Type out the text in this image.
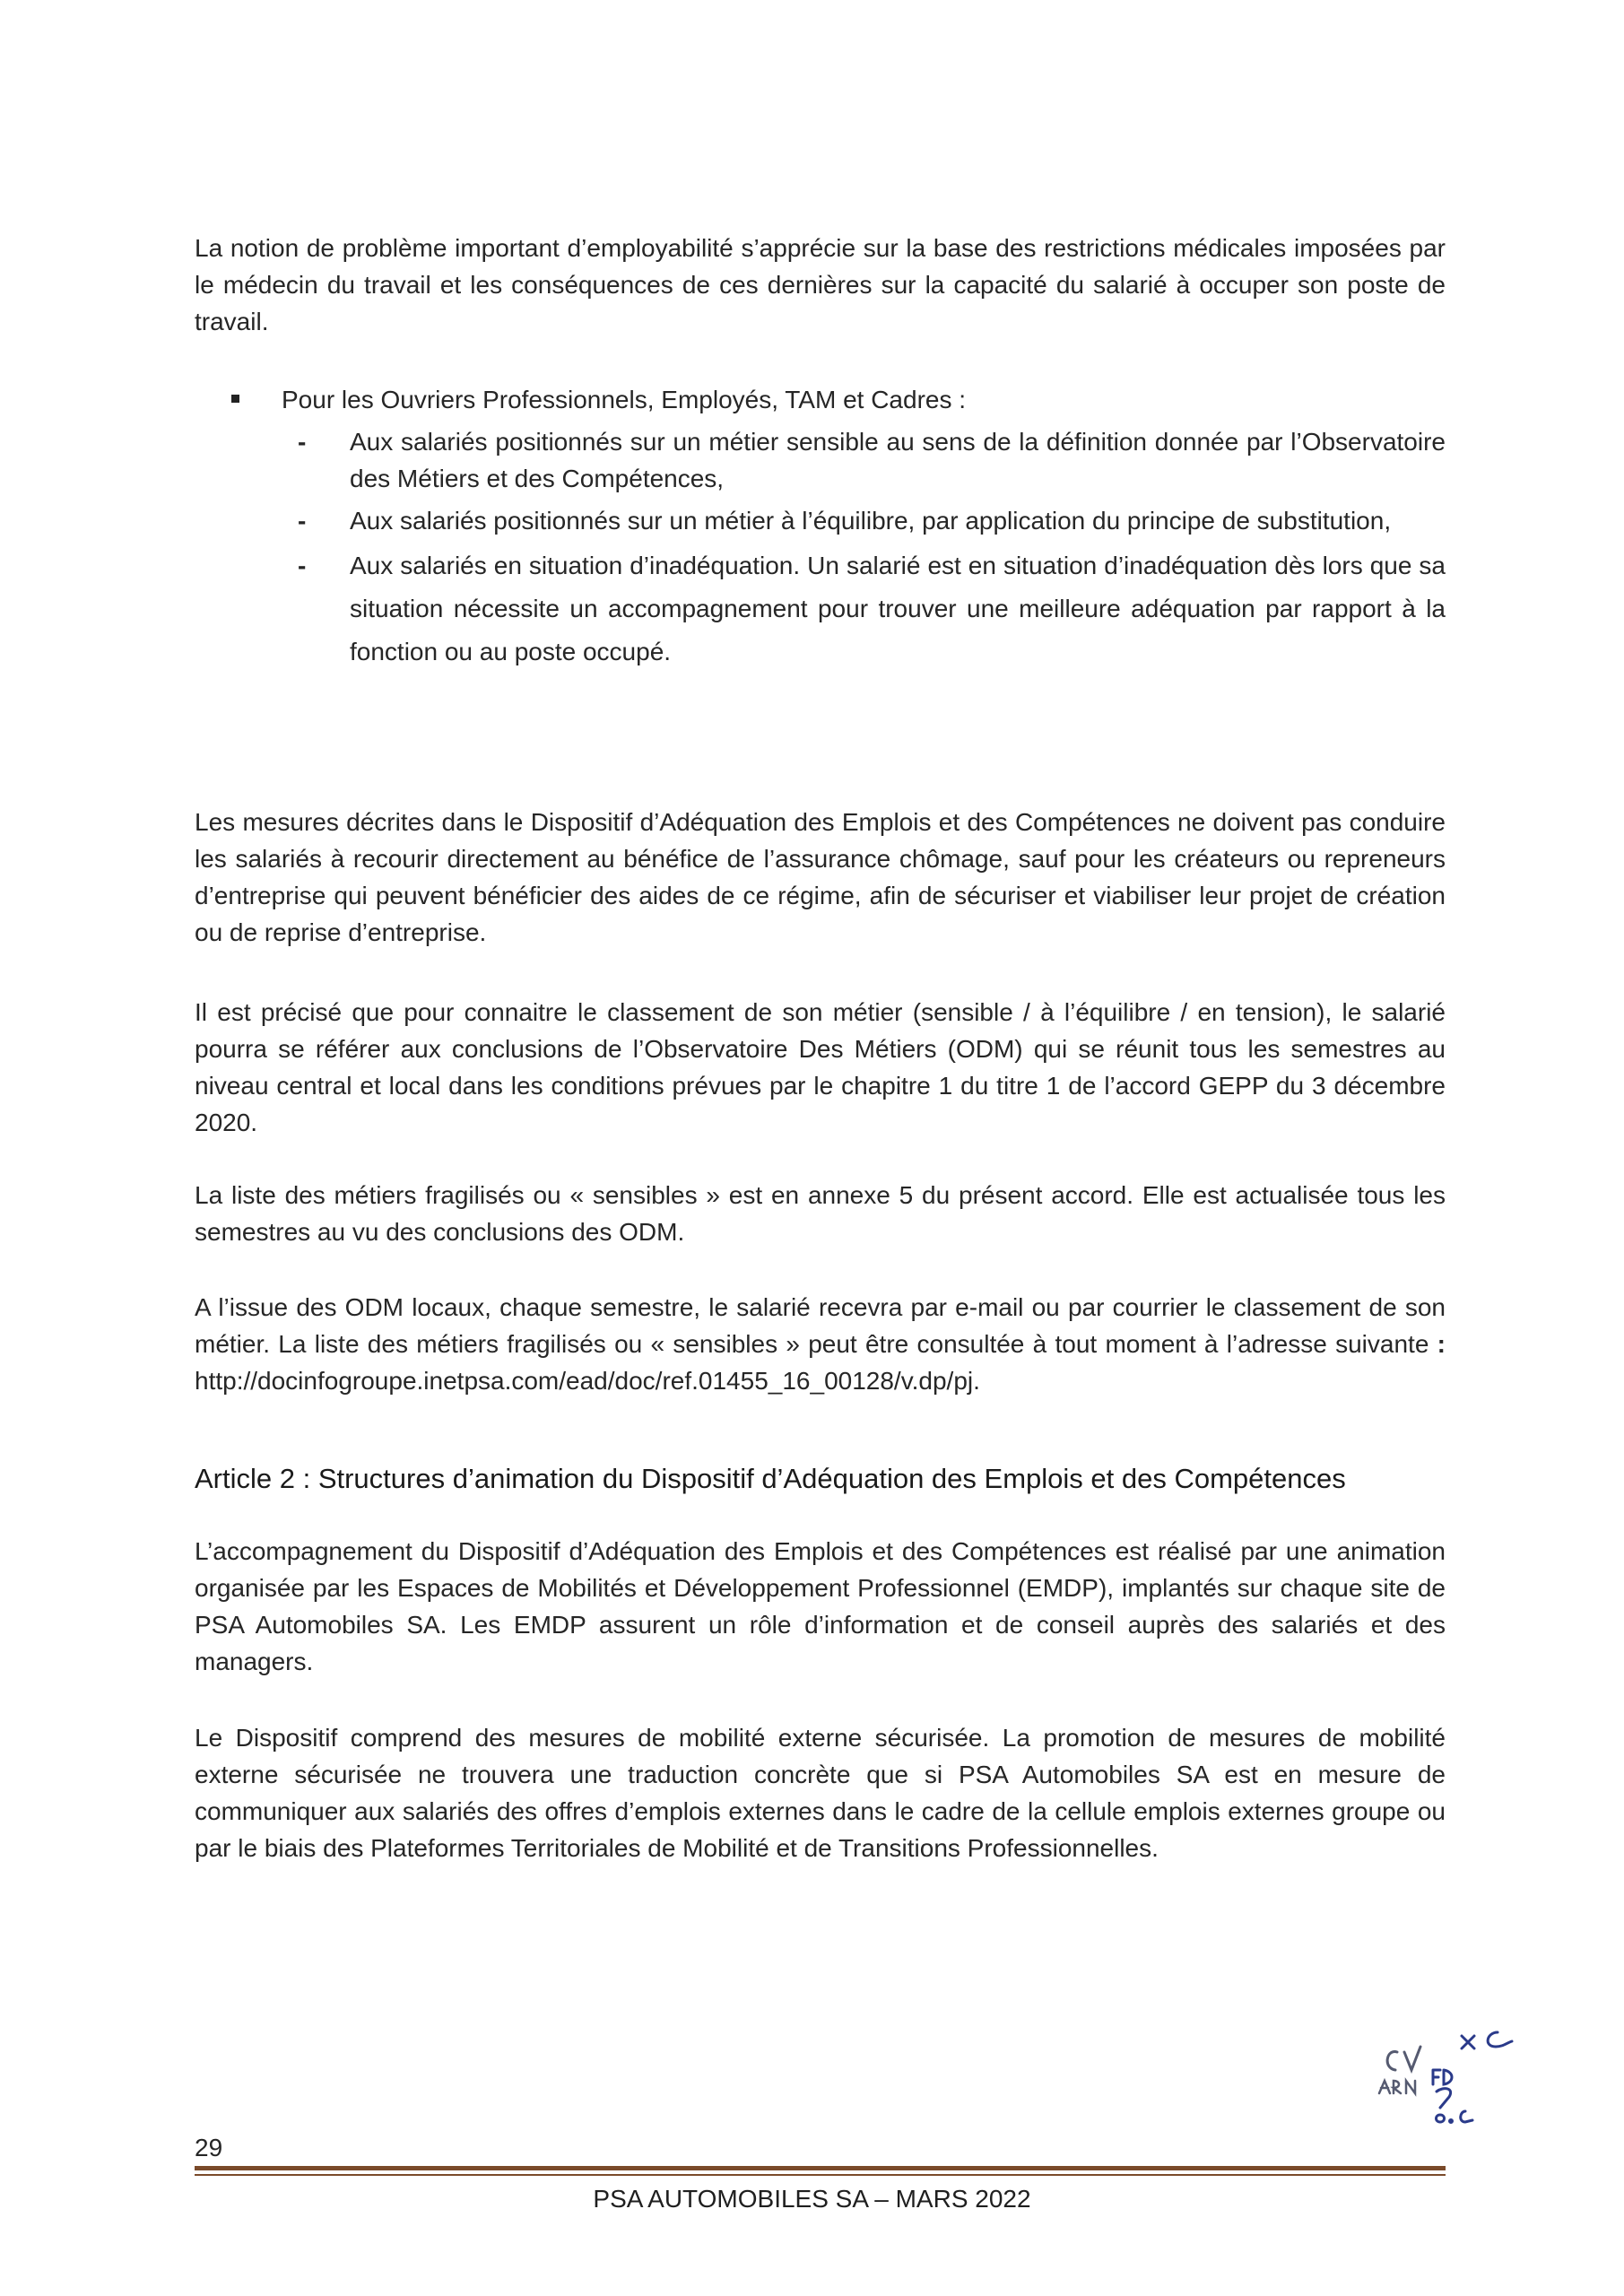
La notion de problème important d’employabilité s’apprécie sur la base des restrictions médicales imposées par le médecin du travail et les conséquences de ces dernières sur la capacité du salarié à occuper son poste de travail.

Pour les Ouvriers Professionnels, Employés, TAM et Cadres :
- Aux salariés positionnés sur un métier sensible au sens de la définition donnée par l’Observatoire des Métiers et des Compétences,
- Aux salariés positionnés sur un métier à l’équilibre, par application du principe de substitution,
- Aux salariés en situation d’inadéquation. Un salarié est en situation d’inadéquation dès lors que sa situation nécessite un accompagnement pour trouver une meilleure adéquation par rapport à la fonction ou au poste occupé.

Les mesures décrites dans le Dispositif d’Adéquation des Emplois et des Compétences ne doivent pas conduire les salariés à recourir directement au bénéfice de l’assurance chômage, sauf pour les créateurs ou repreneurs d’entreprise qui peuvent bénéficier des aides de ce régime, afin de sécuriser et viabiliser leur projet de création ou de reprise d’entreprise.

Il est précisé que pour connaitre le classement de son métier (sensible / à l’équilibre / en tension), le salarié pourra se référer aux conclusions de l’Observatoire Des Métiers (ODM) qui se réunit tous les semestres au niveau central et local dans les conditions prévues par le chapitre 1 du titre 1 de l’accord GEPP du 3 décembre 2020.

La liste des métiers fragilisés ou « sensibles » est en annexe 5 du présent accord. Elle est actualisée tous les semestres au vu des conclusions des ODM.

A l’issue des ODM locaux, chaque semestre, le salarié recevra par e-mail ou par courrier le classement de son métier. La liste des métiers fragilisés ou « sensibles » peut être consultée à tout moment à l’adresse suivante : http://docinfogroupe.inetpsa.com/ead/doc/ref.01455_16_00128/v.dp/pj.

Article 2 : Structures d’animation du Dispositif d’Adéquation des Emplois et des Compétences

L’accompagnement du Dispositif d’Adéquation des Emplois et des Compétences est réalisé par une animation organisée par les Espaces de Mobilités et Développement Professionnel (EMDP), implantés sur chaque site de PSA Automobiles SA. Les EMDP assurent un rôle d’information et de conseil auprès des salariés et des managers.

Le Dispositif comprend des mesures de mobilité externe sécurisée. La promotion de mesures de mobilité externe sécurisée ne trouvera une traduction concrète que si PSA Automobiles SA est en mesure de communiquer aux salariés des offres d’emplois externes dans le cadre de la cellule emplois externes groupe ou par le biais des Plateformes Territoriales de Mobilité et de Transitions Professionnelles.

29
PSA AUTOMOBILES SA – MARS 2022
